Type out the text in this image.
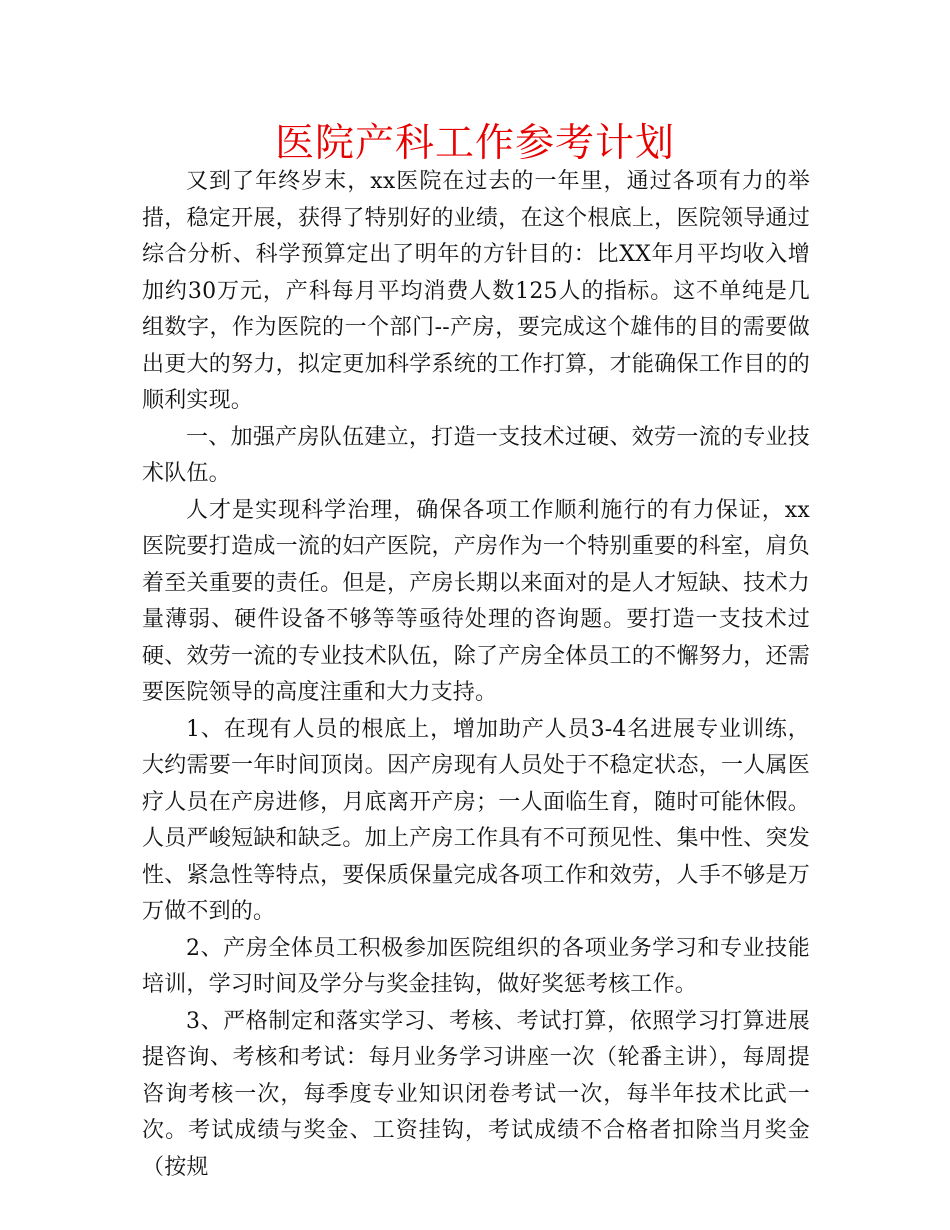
医院产科工作参考计划

又到了年终岁末，xx医院在过去的一年里，通过各项有力的举措，稳定开展，获得了特别好的业绩，在这个根底上，医院领导通过综合分析、科学预算定出了明年的方针目的：比XX年月平均收入增加约30万元，产科每月平均消费人数125人的指标。这不单纯是几组数字，作为医院的一个部门--产房，要完成这个雄伟的目的需要做出更大的努力，拟定更加科学系统的工作打算，才能确保工作目的的顺利实现。

一、加强产房队伍建立，打造一支技术过硬、效劳一流的专业技术队伍。

人才是实现科学治理，确保各项工作顺利施行的有力保证，xx医院要打造成一流的妇产医院，产房作为一个特别重要的科室，肩负着至关重要的责任。但是，产房长期以来面对的是人才短缺、技术力量薄弱、硬件设备不够等等亟待处理的咨询题。要打造一支技术过硬、效劳一流的专业技术队伍，除了产房全体员工的不懈努力，还需要医院领导的高度注重和大力支持。

1、在现有人员的根底上，增加助产人员3-4名进展专业训练，大约需要一年时间顶岗。因产房现有人员处于不稳定状态，一人属医疗人员在产房进修，月底离开产房；一人面临生育，随时可能休假。人员严峻短缺和缺乏。加上产房工作具有不可预见性、集中性、突发性、紧急性等特点，要保质保量完成各项工作和效劳，人手不够是万万做不到的。

2、产房全体员工积极参加医院组织的各项业务学习和专业技能培训，学习时间及学分与奖金挂钩，做好奖惩考核工作。

3、严格制定和落实学习、考核、考试打算，依照学习打算进展提咨询、考核和考试：每月业务学习讲座一次（轮番主讲），每周提咨询考核一次，每季度专业知识闭卷考试一次，每半年技术比武一次。考试成绩与奖金、工资挂钩，考试成绩不合格者扣除当月奖金（按规
